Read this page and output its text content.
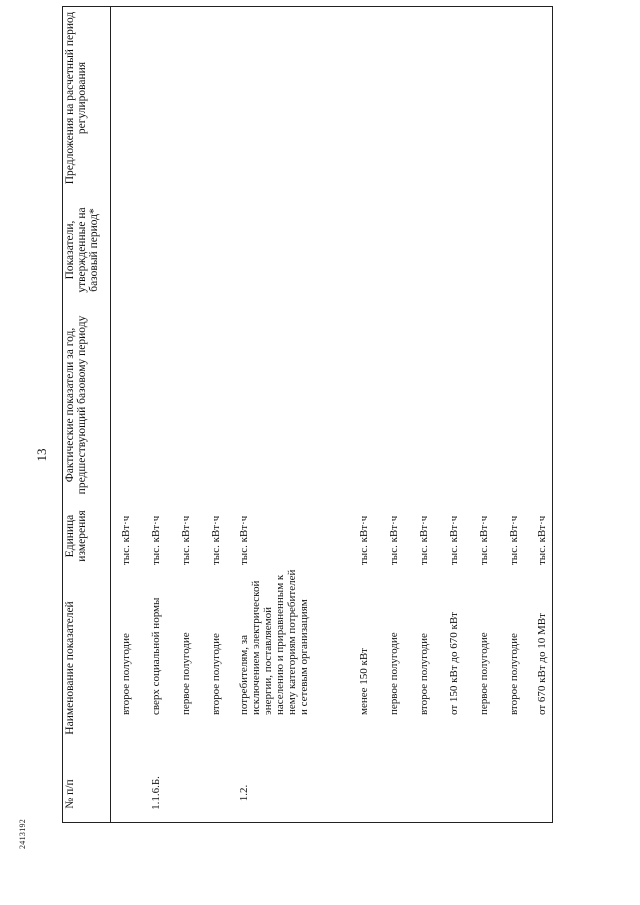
13
2413192
№ п/п
Наименование показателей
Единица измерения
Фактические показатели за год, предшествующий базовому периоду
Показатели, утвержденные на базовый период*
Предложения на расчетный период регулирования
второе полугодие
тыс. кВт·ч
1.1.6.Б.
сверх социальной нормы
тыс. кВт·ч
первое полугодие
тыс. кВт·ч
второе полугодие
тыс. кВт·ч
1.2.
потребителям, за исключением электрической энергии, поставляемой населению и приравненным к нему категориям потребителей и сетевым организациям
тыс. кВт·ч
менее 150 кВт
тыс. кВт·ч
первое полугодие
тыс. кВт·ч
второе полугодие
тыс. кВт·ч
от 150 кВт до 670 кВт
тыс. кВт·ч
первое полугодие
тыс. кВт·ч
второе полугодие
тыс. кВт·ч
от 670 кВт до 10 МВт
тыс. кВт·ч
